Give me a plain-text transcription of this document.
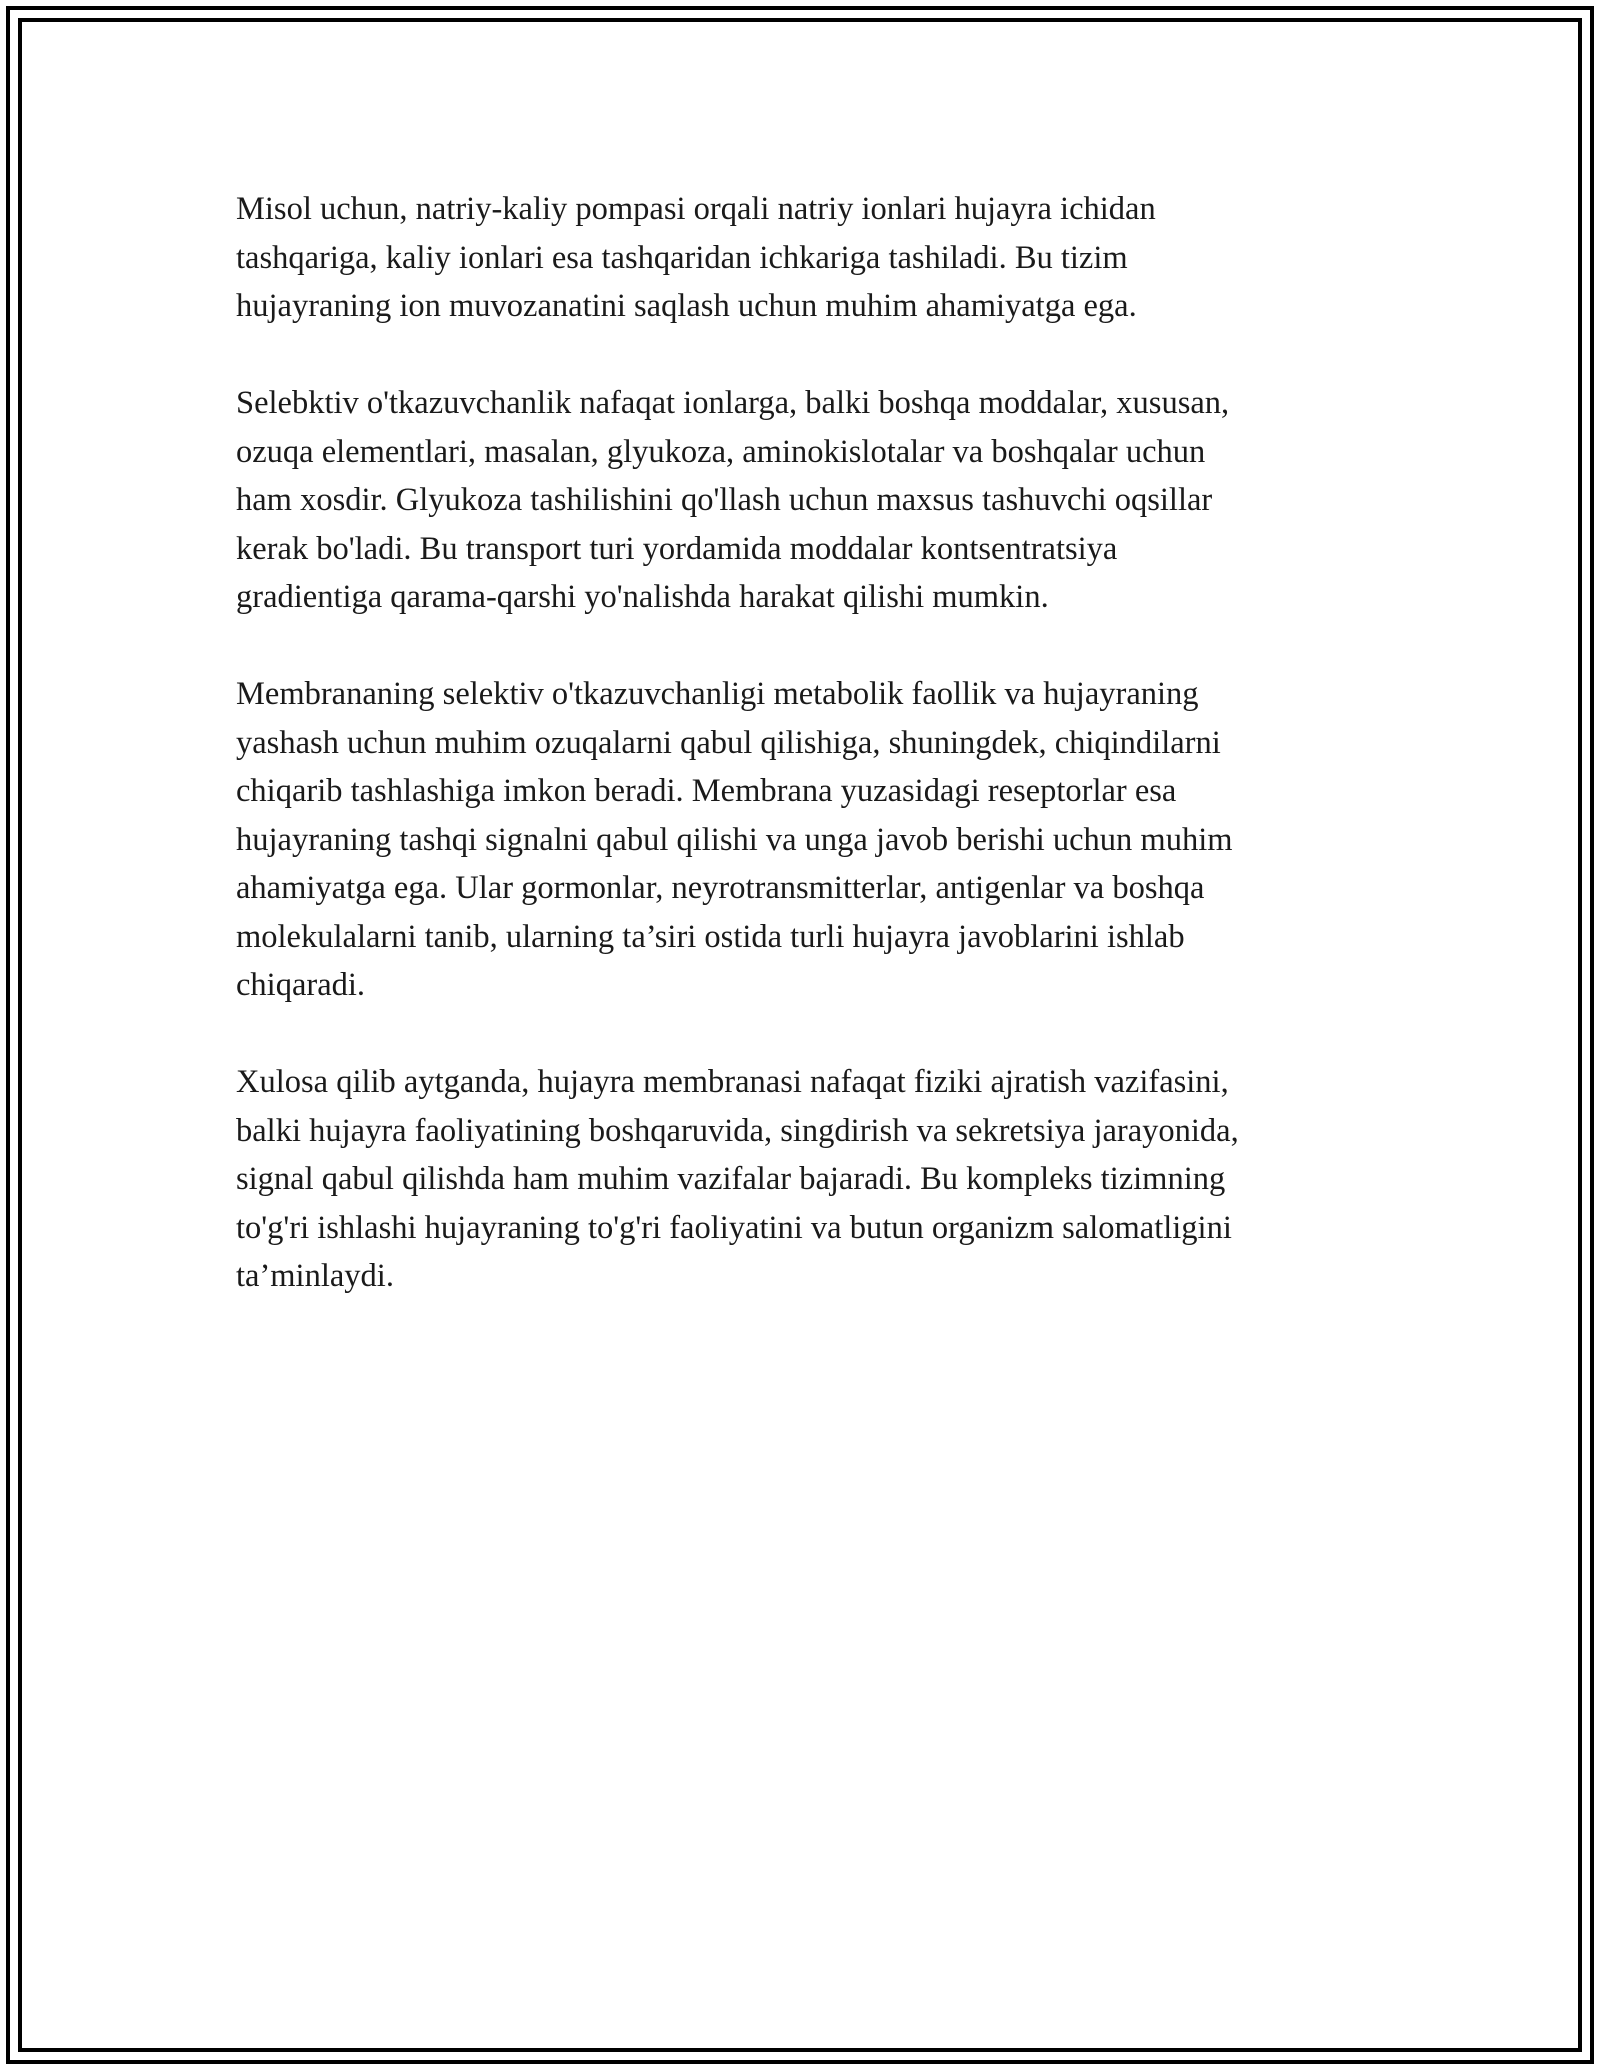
Misol uchun, natriy-kaliy pompasi orqali natriy ionlari hujayra ichidan
tashqariga, kaliy ionlari esa tashqaridan ichkariga tashiladi. Bu tizim
hujayraning ion muvozanatini saqlash uchun muhim ahamiyatga ega.

Selebktiv o'tkazuvchanlik nafaqat ionlarga, balki boshqa moddalar, xususan,
ozuqa elementlari, masalan, glyukoza, aminokislotalar va boshqalar uchun
ham xosdir. Glyukoza tashilishini qo'llash uchun maxsus tashuvchi oqsillar
kerak bo'ladi. Bu transport turi yordamida moddalar kontsentratsiya
gradientiga qarama-qarshi yo'nalishda harakat qilishi mumkin.

Membrananing selektiv o'tkazuvchanligi metabolik faollik va hujayraning
yashash uchun muhim ozuqalarni qabul qilishiga, shuningdek, chiqindilarni
chiqarib tashlashiga imkon beradi. Membrana yuzasidagi reseptorlar esa
hujayraning tashqi signalni qabul qilishi va unga javob berishi uchun muhim
ahamiyatga ega. Ular gormonlar, neyrotransmitterlar, antigenlar va boshqa
molekulalarni tanib, ularning ta’siri ostida turli hujayra javoblarini ishlab
chiqaradi.

Xulosa qilib aytganda, hujayra membranasi nafaqat fiziki ajratish vazifasini,
balki hujayra faoliyatining boshqaruvida, singdirish va sekretsiya jarayonida,
signal qabul qilishda ham muhim vazifalar bajaradi. Bu kompleks tizimning
to'g'ri ishlashi hujayraning to'g'ri faoliyatini va butun organizm salomatligini
ta’minlaydi.
